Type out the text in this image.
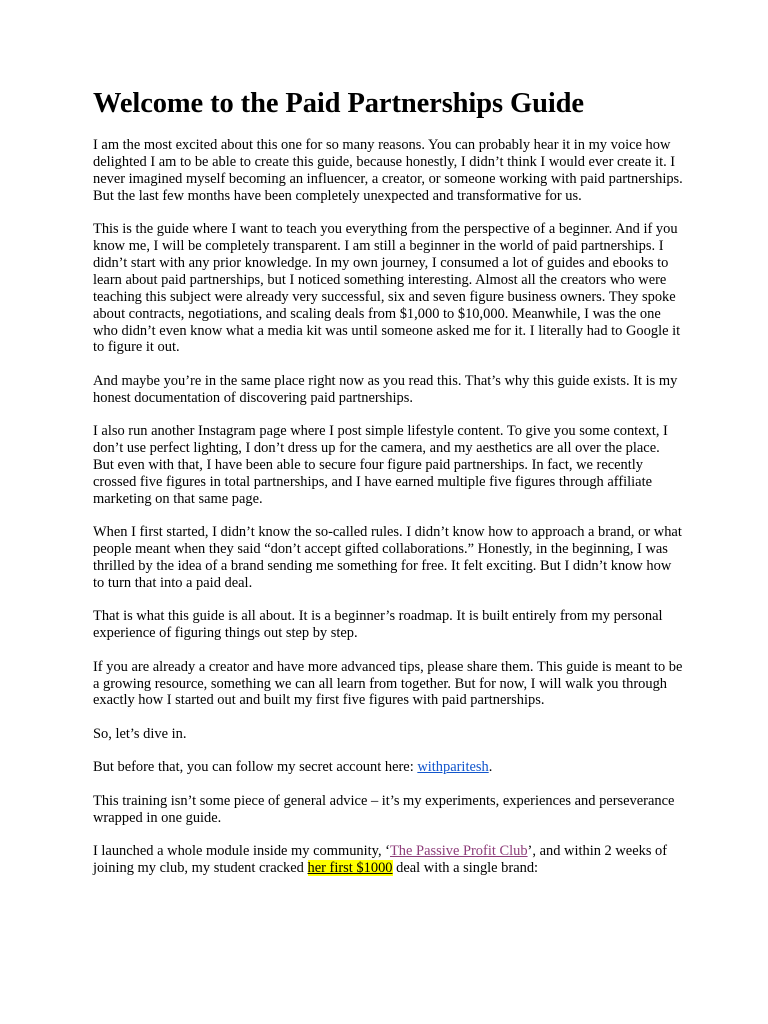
Welcome to the Paid Partnerships Guide

I am the most excited about this one for so many reasons. You can probably hear it in my voice how delighted I am to be able to create this guide, because honestly, I didn’t think I would ever create it. I never imagined myself becoming an influencer, a creator, or someone working with paid partnerships. But the last few months have been completely unexpected and transformative for us.

This is the guide where I want to teach you everything from the perspective of a beginner. And if you know me, I will be completely transparent. I am still a beginner in the world of paid partnerships. I didn’t start with any prior knowledge. In my own journey, I consumed a lot of guides and ebooks to learn about paid partnerships, but I noticed something interesting. Almost all the creators who were teaching this subject were already very successful, six and seven figure business owners. They spoke about contracts, negotiations, and scaling deals from $1,000 to $10,000. Meanwhile, I was the one who didn’t even know what a media kit was until someone asked me for it. I literally had to Google it to figure it out.

And maybe you’re in the same place right now as you read this. That’s why this guide exists. It is my honest documentation of discovering paid partnerships.

I also run another Instagram page where I post simple lifestyle content. To give you some context, I don’t use perfect lighting, I don’t dress up for the camera, and my aesthetics are all over the place. But even with that, I have been able to secure four figure paid partnerships. In fact, we recently crossed five figures in total partnerships, and I have earned multiple five figures through affiliate marketing on that same page.

When I first started, I didn’t know the so-called rules. I didn’t know how to approach a brand, or what people meant when they said “don’t accept gifted collaborations.” Honestly, in the beginning, I was thrilled by the idea of a brand sending me something for free. It felt exciting. But I didn’t know how to turn that into a paid deal.

That is what this guide is all about. It is a beginner’s roadmap. It is built entirely from my personal experience of figuring things out step by step.

If you are already a creator and have more advanced tips, please share them. This guide is meant to be a growing resource, something we can all learn from together. But for now, I will walk you through exactly how I started out and built my first five figures with paid partnerships.

So, let’s dive in.

But before that, you can follow my secret account here: withparitesh.

This training isn’t some piece of general advice – it’s my experiments, experiences and perseverance wrapped in one guide.

I launched a whole module inside my community, ‘The Passive Profit Club’, and within 2 weeks of joining my club, my student cracked her first $1000 deal with a single brand:
